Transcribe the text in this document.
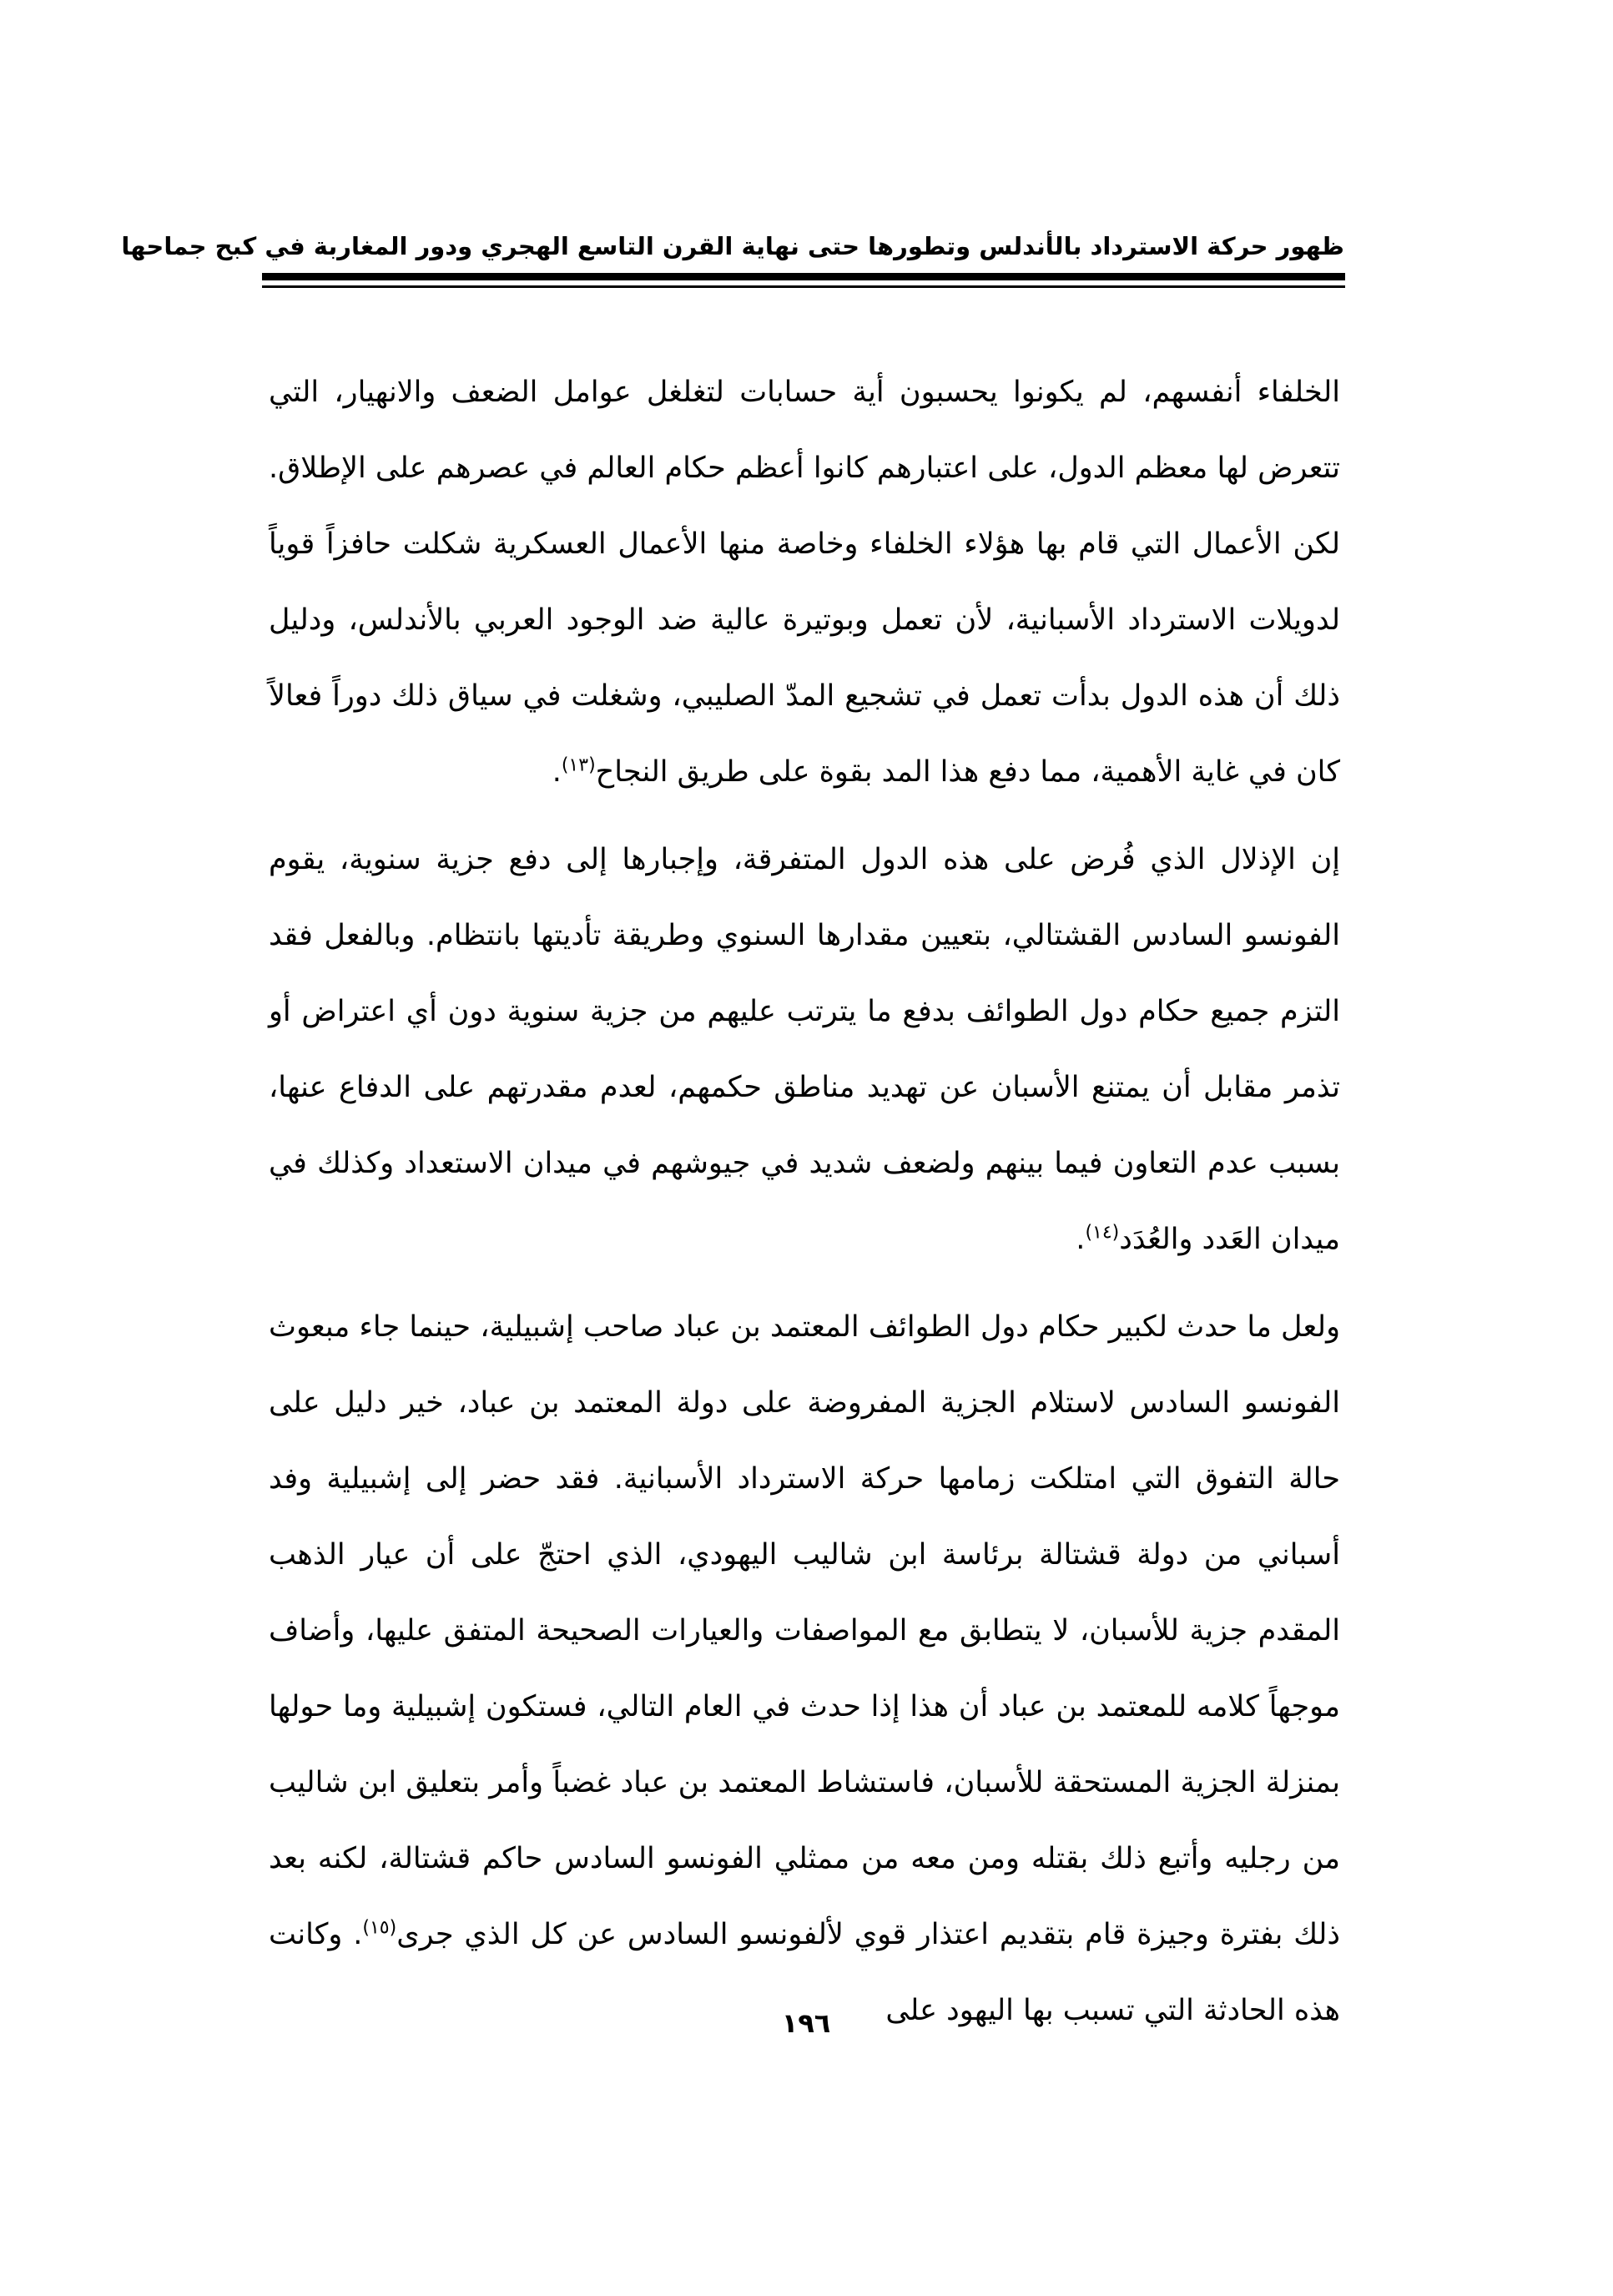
ظهور حركة الاسترداد بالأندلس وتطورها حتى نهاية القرن التاسع الهجري ودور المغاربة في كبح جماحها

الخلفاء أنفسهم، لم يكونوا يحسبون أية حسابات لتغلغل عوامل الضعف والانهيار، التي تتعرض لها معظم الدول، على اعتبارهم كانوا أعظم حكام العالم في عصرهم على الإطلاق. لكن الأعمال التي قام بها هؤلاء الخلفاء وخاصة منها الأعمال العسكرية شكلت حافزاً قوياً لدويلات الاسترداد الأسبانية، لأن تعمل وبوتيرة عالية ضد الوجود العربي بالأندلس، ودليل ذلك أن هذه الدول بدأت تعمل في تشجيع المدّ الصليبي، وشغلت في سياق ذلك دوراً فعالاً كان في غاية الأهمية، مما دفع هذا المد بقوة على طريق النجاح$^{(١٣)}$.

إن الإذلال الذي فُرض على هذه الدول المتفرقة، وإجبارها إلى دفع جزية سنوية، يقوم الفونسو السادس القشتالي، بتعيين مقدارها السنوي وطريقة تأديتها بانتظام. وبالفعل فقد التزم جميع حكام دول الطوائف بدفع ما يترتب عليهم من جزية سنوية دون أي اعتراض أو تذمر مقابل أن يمتنع الأسبان عن تهديد مناطق حكمهم، لعدم مقدرتهم على الدفاع عنها، بسبب عدم التعاون فيما بينهم ولضعف شديد في جيوشهم في ميدان الاستعداد وكذلك في ميدان العَدد والعُدَد$^{(١٤)}$.

ولعل ما حدث لكبير حكام دول الطوائف المعتمد بن عباد صاحب إشبيلية، حينما جاء مبعوث الفونسو السادس لاستلام الجزية المفروضة على دولة المعتمد بن عباد، خير دليل على حالة التفوق التي امتلكت زمامها حركة الاسترداد الأسبانية. فقد حضر إلى إشبيلية وفد أسباني من دولة قشتالة برئاسة ابن شاليب اليهودي، الذي احتجّ على أن عيار الذهب المقدم جزية للأسبان، لا يتطابق مع المواصفات والعيارات الصحيحة المتفق عليها، وأضاف موجهاً كلامه للمعتمد بن عباد أن هذا إذا حدث في العام التالي، فستكون إشبيلية وما حولها بمنزلة الجزية المستحقة للأسبان، فاستشاط المعتمد بن عباد غضباً وأمر بتعليق ابن شاليب من رجليه وأتبع ذلك بقتله ومن معه من ممثلي الفونسو السادس حاكم قشتالة، لكنه بعد ذلك بفترة وجيزة قام بتقديم اعتذار قوي لألفونسو السادس عن كل الذي جرى$^{(١٥)}$. وكانت هذه الحادثة التي تسبب بها اليهود على

١٩٦
